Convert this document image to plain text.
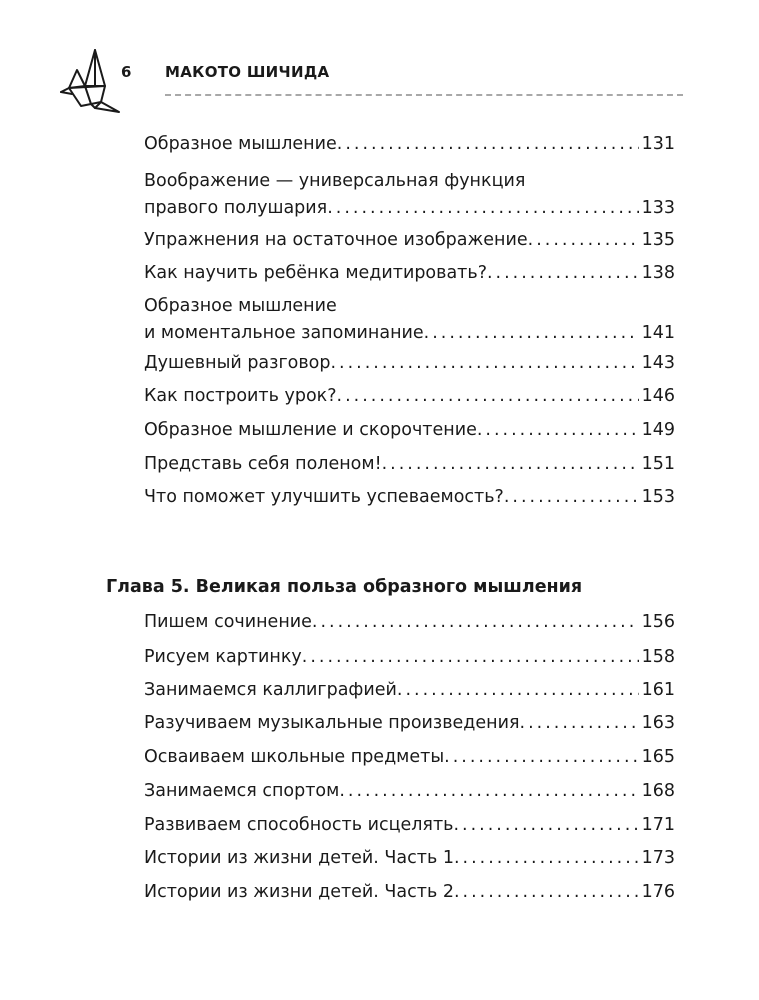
6 МАКОТО ШИЧИДА
Образное мышление .....	131
Воображение — универсальная функция
правого полушария .....	133
Упражнения на остаточное изображение .....	135
Как научить ребёнка медитировать? .....	138
Образное мышление
и моментальное запоминание .....	141
Душевный разговор .....	143
Как построить урок? .....	146
Образное мышление и скорочтение .....	149
Представь себя поленом! .....	151
Что поможет улучшить успеваемость? .....	153
Глава 5. Великая польза образного мышления
Пишем сочинение .....	156
Рисуем картинку .....	158
Занимаемся каллиграфией .....	161
Разучиваем музыкальные произведения .....	163
Осваиваем школьные предметы .....	165
Занимаемся спортом .....	168
Развиваем способность исцелять .....	171
Истории из жизни детей. Часть 1 .....	173
Истории из жизни детей. Часть 2 .....	176
